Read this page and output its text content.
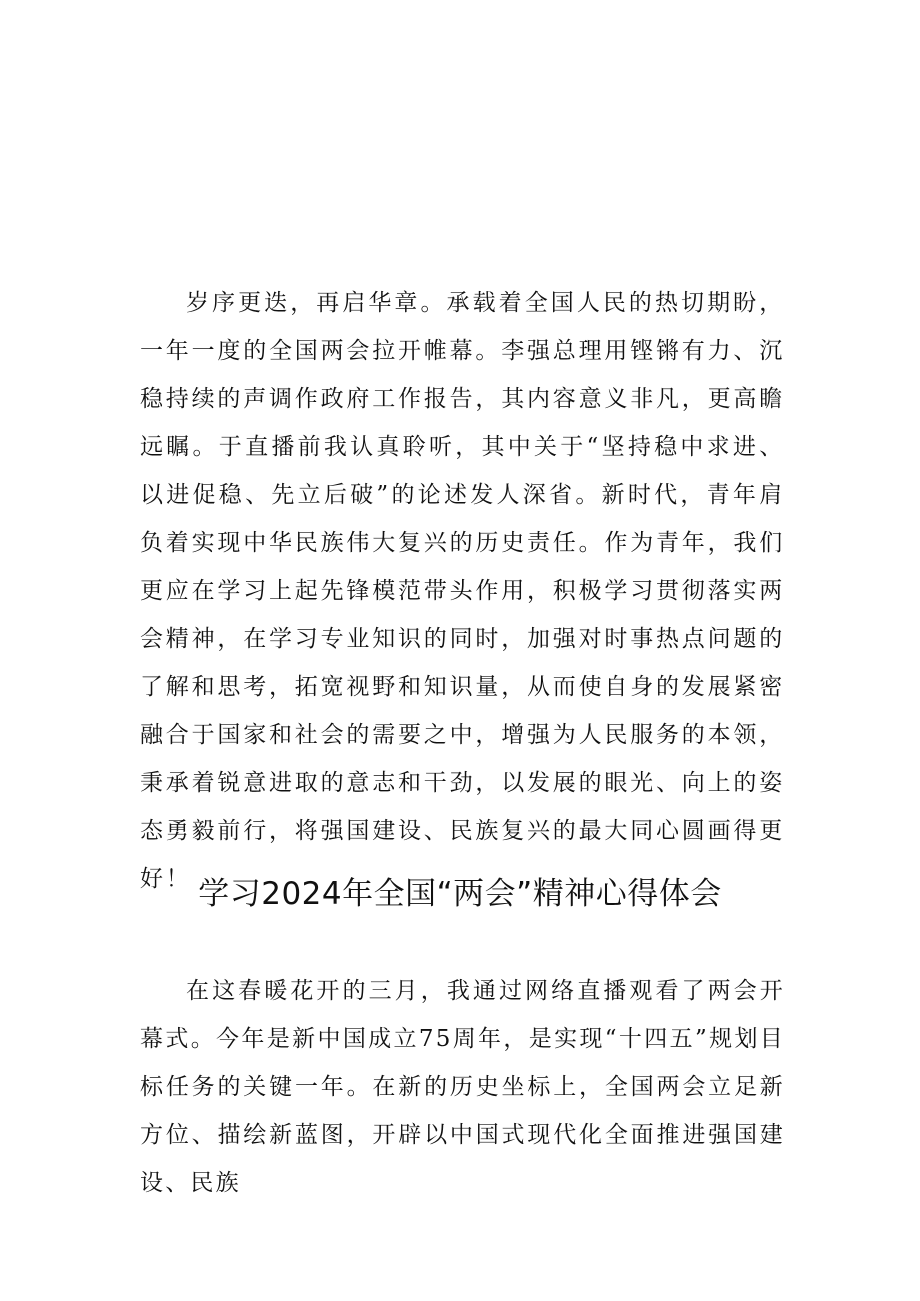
岁序更迭，再启华章。承载着全国人民的热切期盼，一年一度的全国两会拉开帷幕。李强总理用铿锵有力、沉稳持续的声调作政府工作报告，其内容意义非凡，更高瞻远瞩。于直播前我认真聆听，其中关于“坚持稳中求进、以进促稳、先立后破”的论述发人深省。新时代，青年肩负着实现中华民族伟大复兴的历史责任。作为青年，我们更应在学习上起先锋模范带头作用，积极学习贯彻落实两会精神，在学习专业知识的同时，加强对时事热点问题的了解和思考，拓宽视野和知识量，从而使自身的发展紧密融合于国家和社会的需要之中，增强为人民服务的本领，秉承着锐意进取的意志和干劲，以发展的眼光、向上的姿态勇毅前行，将强国建设、民族复兴的最大同心圆画得更好！ 学习2024年全国“两会”精神心得体会

在这春暖花开的三月，我通过网络直播观看了两会开幕式。今年是新中国成立75周年，是实现“十四五”规划目标任务的关键一年。在新的历史坐标上，全国两会立足新方位、描绘新蓝图，开辟以中国式现代化全面推进强国建设、民族
